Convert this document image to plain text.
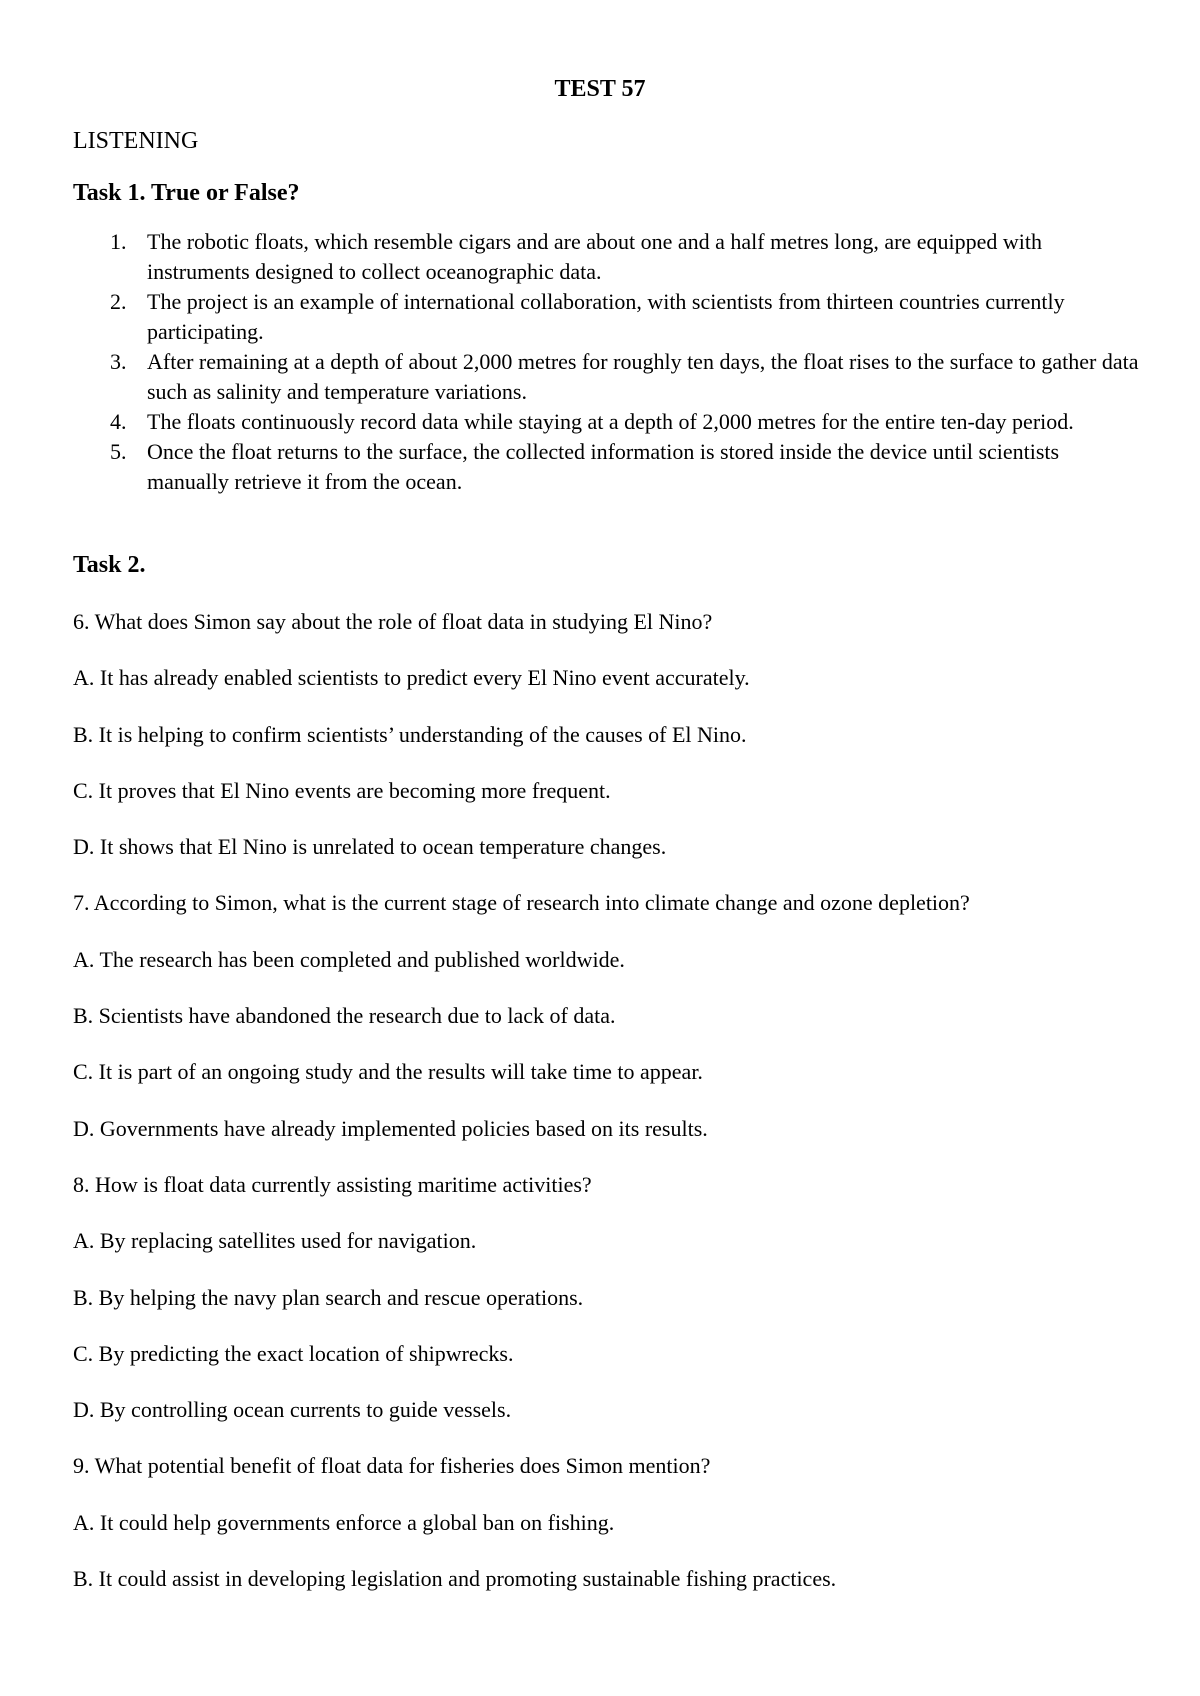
TEST 57
LISTENING
Task 1. True or False?
1. The robotic floats, which resemble cigars and are about one and a half metres long, are equipped with instruments designed to collect oceanographic data.
2. The project is an example of international collaboration, with scientists from thirteen countries currently participating.
3. After remaining at a depth of about 2,000 metres for roughly ten days, the float rises to the surface to gather data such as salinity and temperature variations.
4. The floats continuously record data while staying at a depth of 2,000 metres for the entire ten-day period.
5. Once the float returns to the surface, the collected information is stored inside the device until scientists manually retrieve it from the ocean.
Task 2.
6. What does Simon say about the role of float data in studying El Nino?
A. It has already enabled scientists to predict every El Nino event accurately.
B. It is helping to confirm scientists’ understanding of the causes of El Nino.
C. It proves that El Nino events are becoming more frequent.
D. It shows that El Nino is unrelated to ocean temperature changes.
7. According to Simon, what is the current stage of research into climate change and ozone depletion?
A. The research has been completed and published worldwide.
B. Scientists have abandoned the research due to lack of data.
C. It is part of an ongoing study and the results will take time to appear.
D. Governments have already implemented policies based on its results.
8. How is float data currently assisting maritime activities?
A. By replacing satellites used for navigation.
B. By helping the navy plan search and rescue operations.
C. By predicting the exact location of shipwrecks.
D. By controlling ocean currents to guide vessels.
9. What potential benefit of float data for fisheries does Simon mention?
A. It could help governments enforce a global ban on fishing.
B. It could assist in developing legislation and promoting sustainable fishing practices.
